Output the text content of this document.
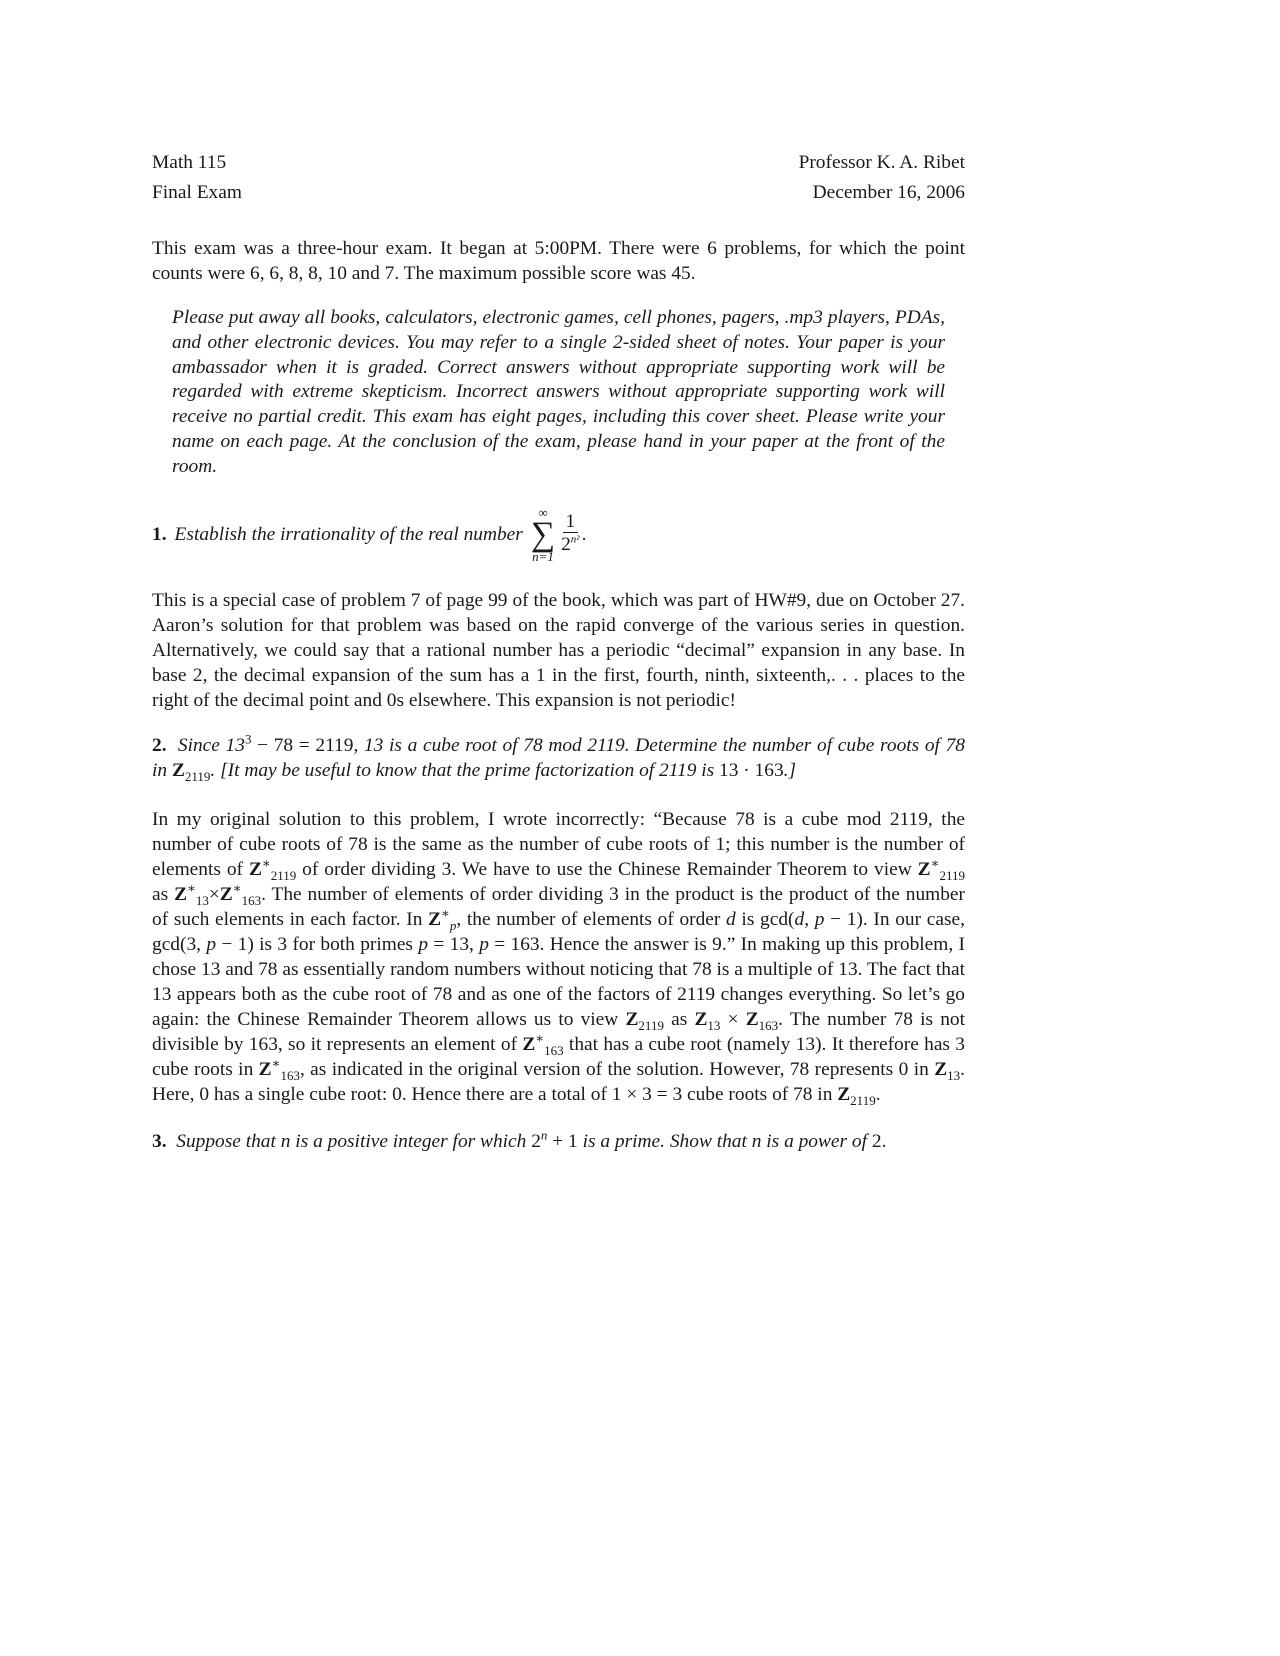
Math 115
Final Exam
Professor K. A. Ribet
December 16, 2006

This exam was a three-hour exam. It began at 5:00PM. There were 6 problems, for which the point counts were 6, 6, 8, 8, 10 and 7. The maximum possible score was 45.

Please put away all books, calculators, electronic games, cell phones, pagers, .mp3 players, PDAs, and other electronic devices. You may refer to a single 2-sided sheet of notes. Your paper is your ambassador when it is graded. Correct answers without appropriate supporting work will be regarded with extreme skepticism. Incorrect answers without appropriate supporting work will receive no partial credit. This exam has eight pages, including this cover sheet. Please write your name on each page. At the conclusion of the exam, please hand in your paper at the front of the room.

1. Establish the irrationality of the real number
∞
∑
$n=1 \frac{1}{2^{n^2}}$ .

This is a special case of problem 7 of page 99 of the book, which was part of HW#9, due on October 27. Aaron’s solution for that problem was based on the rapid converge of the various series in question. Alternatively, we could say that a rational number has a periodic “decimal” expansion in any base. In base 2, the decimal expansion of the sum has a 1 in the first, fourth, ninth, sixteenth,. . . places to the right of the decimal point and 0s elsewhere. This expansion is not periodic!

2. Since $13^3 - 78 = 2119$, 13 is a cube root of 78 mod 2119. Determine the number of cube roots of 78 in $Z_{2119}$. [It may be useful to know that the prime factorization of 2119 is 13 · 163.]

In my original solution to this problem, I wrote incorrectly: “Because 78 is a cube mod 2119, the number of cube roots of 78 is the same as the number of cube roots of 1; this number is the number of elements of $Z^∗_{2119}$ of order dividing 3. We have to use the Chinese Remainder Theorem to view $Z^∗_{2119}$ as $Z^∗_{13}\times Z^∗_{163}$. The number of elements of order dividing 3 in the product is the product of the number of such elements in each factor. In $Z^∗_p$, the number of elements of order d is gcd(d, p − 1). In our case, gcd(3, p − 1) is 3 for both primes p = 13, p = 163. Hence the answer is 9.” In making up this problem, I chose 13 and 78 as essentially random numbers without noticing that 78 is a multiple of 13. The fact that 13 appears both as the cube root of 78 and as one of the factors of 2119 changes everything. So let’s go again: the Chinese Remainder Theorem allows us to view $Z_{2119}$ as $Z_{13} \times Z_{163}$. The number 78 is not divisible by 163, so it represents an element of $Z^∗_{163}$ that has a cube root (namely 13). It therefore has 3 cube roots in $Z^∗_{163}$, as indicated in the original version of the solution. However, 78 represents 0 in $Z_{13}$. Here, 0 has a single cube root: 0. Hence there are a total of 1 × 3 = 3 cube roots of 78 in $Z_{2119}$.

3. Suppose that n is a positive integer for which $2^n + 1$ is a prime. Show that n is a power of 2.
